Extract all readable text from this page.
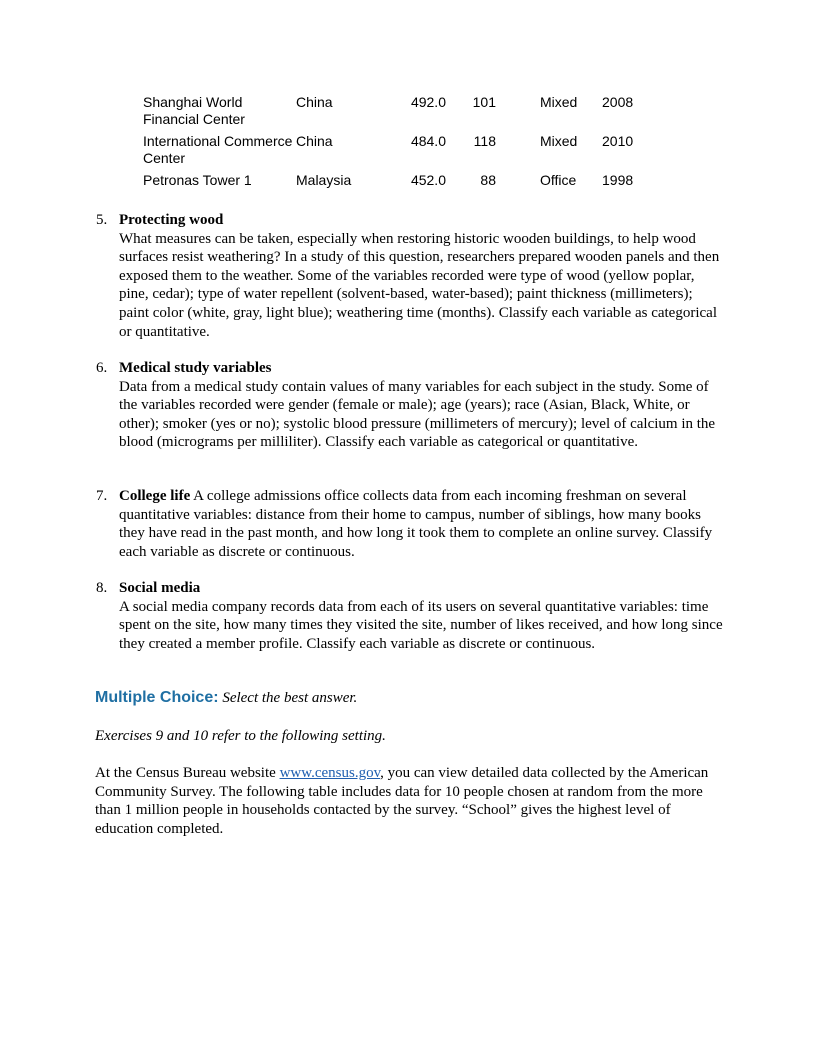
Shanghai World Financial Center	China	492.0	101	Mixed	2008
International Commerce Center	China	484.0	118	Mixed	2010
Petronas Tower 1	Malaysia	452.0	88	Office	1998
5. Protecting wood
What measures can be taken, especially when restoring historic wooden buildings, to help wood surfaces resist weathering? In a study of this question, researchers prepared wooden panels and then exposed them to the weather. Some of the variables recorded were type of wood (yellow poplar, pine, cedar); type of water repellent (solvent-based, water-based); paint thickness (millimeters); paint color (white, gray, light blue); weathering time (months). Classify each variable as categorical or quantitative.
6. Medical study variables
Data from a medical study contain values of many variables for each subject in the study. Some of the variables recorded were gender (female or male); age (years); race (Asian, Black, White, or other); smoker (yes or no); systolic blood pressure (millimeters of mercury); level of calcium in the blood (micrograms per milliliter). Classify each variable as categorical or quantitative.
7. College life A college admissions office collects data from each incoming freshman on several quantitative variables: distance from their home to campus, number of siblings, how many books they have read in the past month, and how long it took them to complete an online survey. Classify each variable as discrete or continuous.
8. Social media
A social media company records data from each of its users on several quantitative variables: time spent on the site, how many times they visited the site, number of likes received, and how long since they created a member profile. Classify each variable as discrete or continuous.
Multiple Choice: Select the best answer.
Exercises 9 and 10 refer to the following setting.
At the Census Bureau website www.census.gov, you can view detailed data collected by the American Community Survey. The following table includes data for 10 people chosen at random from the more than 1 million people in households contacted by the survey. “School” gives the highest level of education completed.
